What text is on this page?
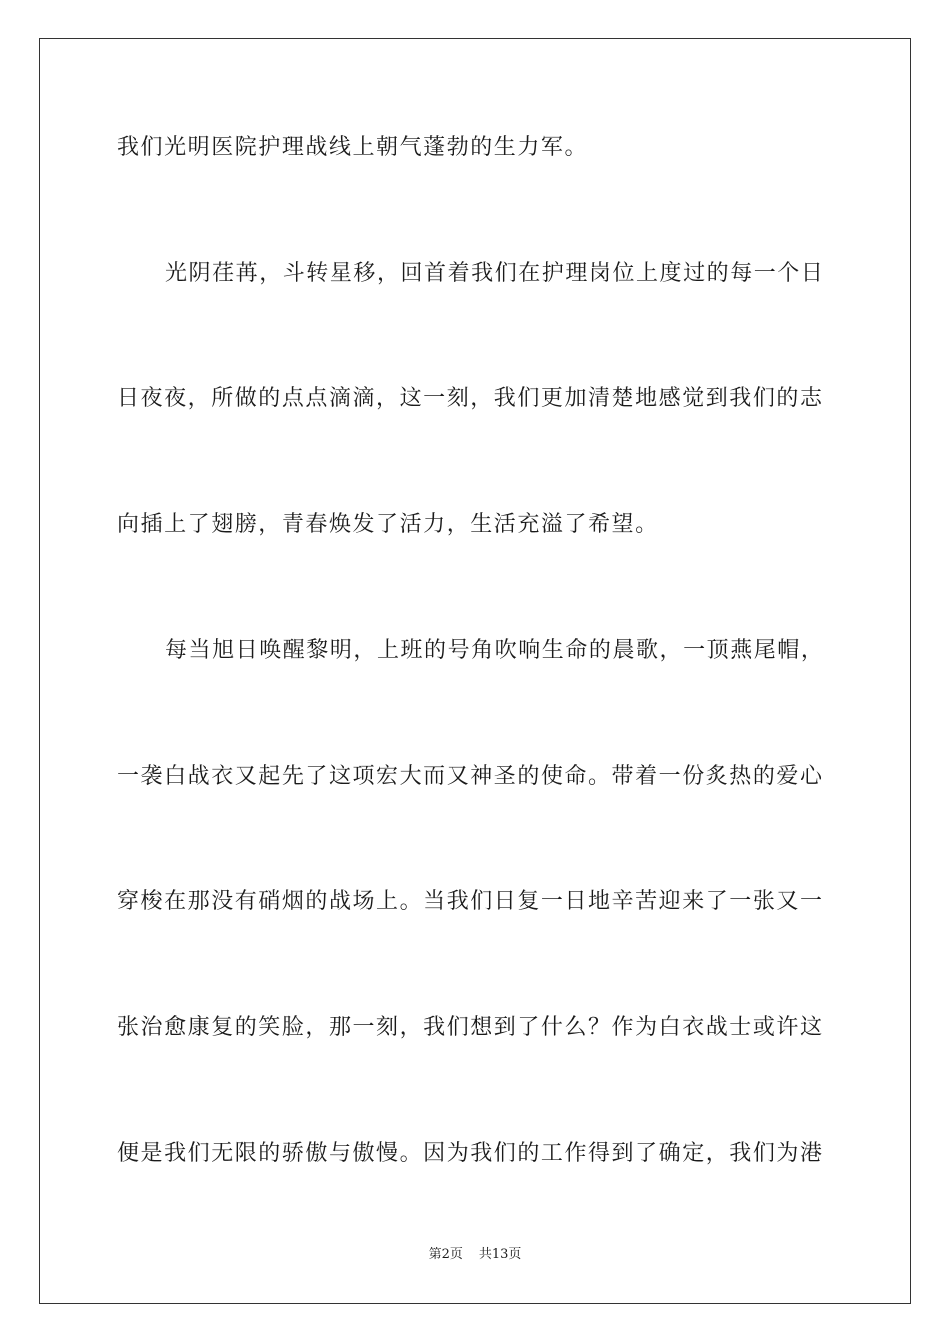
我们光明医院护理战线上朝气蓬勃的生力军。
光阴荏苒，斗转星移，回首着我们在护理岗位上度过的每一个日
日夜夜，所做的点点滴滴，这一刻，我们更加清楚地感觉到我们的志
向插上了翅膀，青春焕发了活力，生活充溢了希望。
每当旭日唤醒黎明，上班的号角吹响生命的晨歌，一顶燕尾帽，
一袭白战衣又起先了这项宏大而又神圣的使命。带着一份炙热的爱心
穿梭在那没有硝烟的战场上。当我们日复一日地辛苦迎来了一张又一
张治愈康复的笑脸，那一刻，我们想到了什么？作为白衣战士或许这
便是我们无限的骄傲与傲慢。因为我们的工作得到了确定，我们为港
第2页 共13页
